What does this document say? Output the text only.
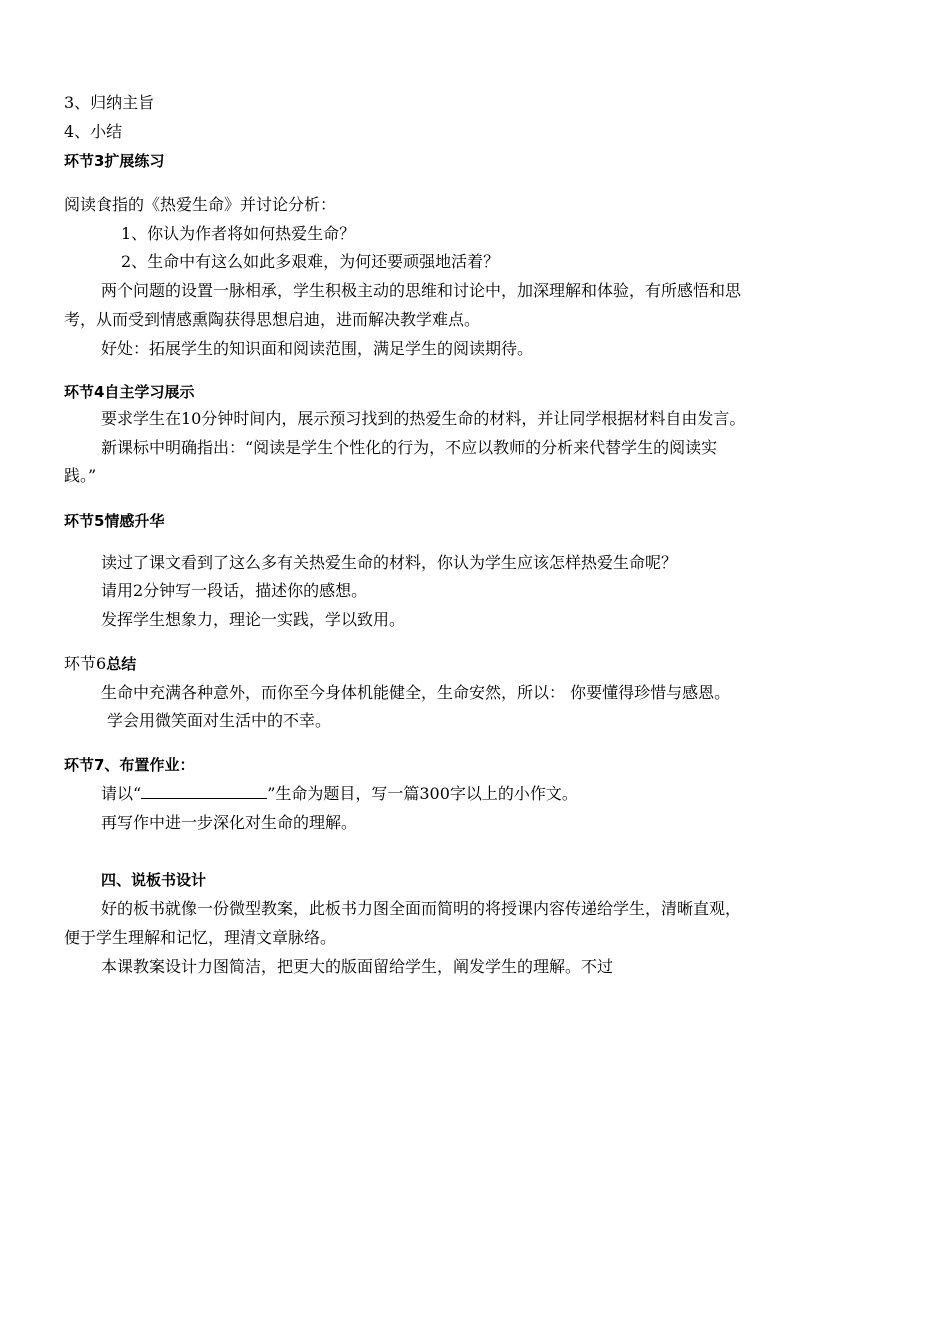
3、归纳主旨
4、小结
环节3扩展练习
阅读食指的《热爱生命》并讨论分析：
1、你认为作者将如何热爱生命？
2、生命中有这么如此多艰难，为何还要顽强地活着？
两个问题的设置一脉相承，学生积极主动的思维和讨论中，加深理解和体验，有所感悟和思
考，从而受到情感熏陶获得思想启迪，进而解决教学难点。
好处：拓展学生的知识面和阅读范围，满足学生的阅读期待。
环节4自主学习展示
要求学生在10分钟时间内，展示预习找到的热爱生命的材料，并让同学根据材料自由发言。
新课标中明确指出：“阅读是学生个性化的行为，不应以教师的分析来代替学生的阅读实
践。”
环节5情感升华
读过了课文看到了这么多有关热爱生命的材料，你认为学生应该怎样热爱生命呢？
请用2分钟写一段话，描述你的感想。
发挥学生想象力，理论一实践，学以致用。
环节6总结
生命中充满各种意外，而你至今身体机能健全，生命安然，所以： 你要懂得珍惜与感恩。
学会用微笑面对生活中的不幸。
环节7、布置作业：
请以“	”生命为题目，写一篇300字以上的小作文。
再写作中进一步深化对生命的理解。
四、说板书设计
好的板书就像一份微型教案，此板书力图全面而简明的将授课内容传递给学生，清晰直观，
便于学生理解和记忆，理清文章脉络。
本课教案设计力图简洁，把更大的版面留给学生，阐发学生的理解。不过
